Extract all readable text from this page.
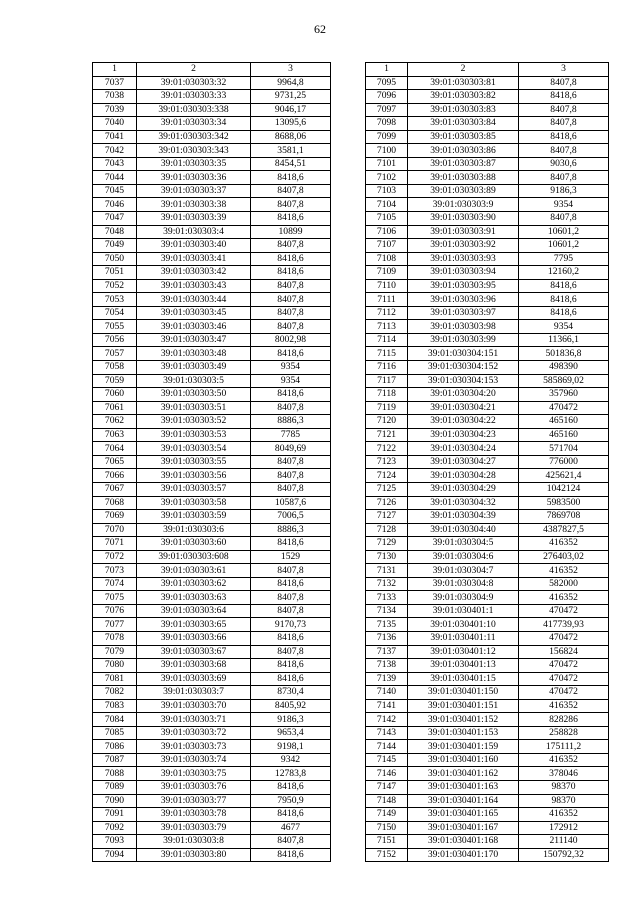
62
1	2	3
7037	39:01:030303:32	9964,8
7038	39:01:030303:33	9731,25
7039	39:01:030303:338	9046,17
7040	39:01:030303:34	13095,6
7041	39:01:030303:342	8688,06
7042	39:01:030303:343	3581,1
7043	39:01:030303:35	8454,51
7044	39:01:030303:36	8418,6
7045	39:01:030303:37	8407,8
7046	39:01:030303:38	8407,8
7047	39:01:030303:39	8418,6
7048	39:01:030303:4	10899
7049	39:01:030303:40	8407,8
7050	39:01:030303:41	8418,6
7051	39:01:030303:42	8418,6
7052	39:01:030303:43	8407,8
7053	39:01:030303:44	8407,8
7054	39:01:030303:45	8407,8
7055	39:01:030303:46	8407,8
7056	39:01:030303:47	8002,98
7057	39:01:030303:48	8418,6
7058	39:01:030303:49	9354
7059	39:01:030303:5	9354
7060	39:01:030303:50	8418,6
7061	39:01:030303:51	8407,8
7062	39:01:030303:52	8886,3
7063	39:01:030303:53	7785
7064	39:01:030303:54	8049,69
7065	39:01:030303:55	8407,8
7066	39:01:030303:56	8407,8
7067	39:01:030303:57	8407,8
7068	39:01:030303:58	10587,6
7069	39:01:030303:59	7006,5
7070	39:01:030303:6	8886,3
7071	39:01:030303:60	8418,6
7072	39:01:030303:608	1529
7073	39:01:030303:61	8407,8
7074	39:01:030303:62	8418,6
7075	39:01:030303:63	8407,8
7076	39:01:030303:64	8407,8
7077	39:01:030303:65	9170,73
7078	39:01:030303:66	8418,6
7079	39:01:030303:67	8407,8
7080	39:01:030303:68	8418,6
7081	39:01:030303:69	8418,6
7082	39:01:030303:7	8730,4
7083	39:01:030303:70	8405,92
7084	39:01:030303:71	9186,3
7085	39:01:030303:72	9653,4
7086	39:01:030303:73	9198,1
7087	39:01:030303:74	9342
7088	39:01:030303:75	12783,8
7089	39:01:030303:76	8418,6
7090	39:01:030303:77	7950,9
7091	39:01:030303:78	8418,6
7092	39:01:030303:79	4677
7093	39:01:030303:8	8407,8
7094	39:01:030303:80	8418,6
1	2	3
7095	39:01:030303:81	8407,8
7096	39:01:030303:82	8418,6
7097	39:01:030303:83	8407,8
7098	39:01:030303:84	8407,8
7099	39:01:030303:85	8418,6
7100	39:01:030303:86	8407,8
7101	39:01:030303:87	9030,6
7102	39:01:030303:88	8407,8
7103	39:01:030303:89	9186,3
7104	39:01:030303:9	9354
7105	39:01:030303:90	8407,8
7106	39:01:030303:91	10601,2
7107	39:01:030303:92	10601,2
7108	39:01:030303:93	7795
7109	39:01:030303:94	12160,2
7110	39:01:030303:95	8418,6
7111	39:01:030303:96	8418,6
7112	39:01:030303:97	8418,6
7113	39:01:030303:98	9354
7114	39:01:030303:99	11366,1
7115	39:01:030304:151	501836,8
7116	39:01:030304:152	498390
7117	39:01:030304:153	585869,02
7118	39:01:030304:20	357960
7119	39:01:030304:21	470472
7120	39:01:030304:22	465160
7121	39:01:030304:23	465160
7122	39:01:030304:24	571704
7123	39:01:030304:27	776000
7124	39:01:030304:28	425621,4
7125	39:01:030304:29	1042124
7126	39:01:030304:32	5983500
7127	39:01:030304:39	7869708
7128	39:01:030304:40	4387827,5
7129	39:01:030304:5	416352
7130	39:01:030304:6	276403,02
7131	39:01:030304:7	416352
7132	39:01:030304:8	582000
7133	39:01:030304:9	416352
7134	39:01:030401:1	470472
7135	39:01:030401:10	417739,93
7136	39:01:030401:11	470472
7137	39:01:030401:12	156824
7138	39:01:030401:13	470472
7139	39:01:030401:15	470472
7140	39:01:030401:150	470472
7141	39:01:030401:151	416352
7142	39:01:030401:152	828286
7143	39:01:030401:153	258828
7144	39:01:030401:159	175111,2
7145	39:01:030401:160	416352
7146	39:01:030401:162	378046
7147	39:01:030401:163	98370
7148	39:01:030401:164	98370
7149	39:01:030401:165	416352
7150	39:01:030401:167	172912
7151	39:01:030401:168	211140
7152	39:01:030401:170	150792,32
